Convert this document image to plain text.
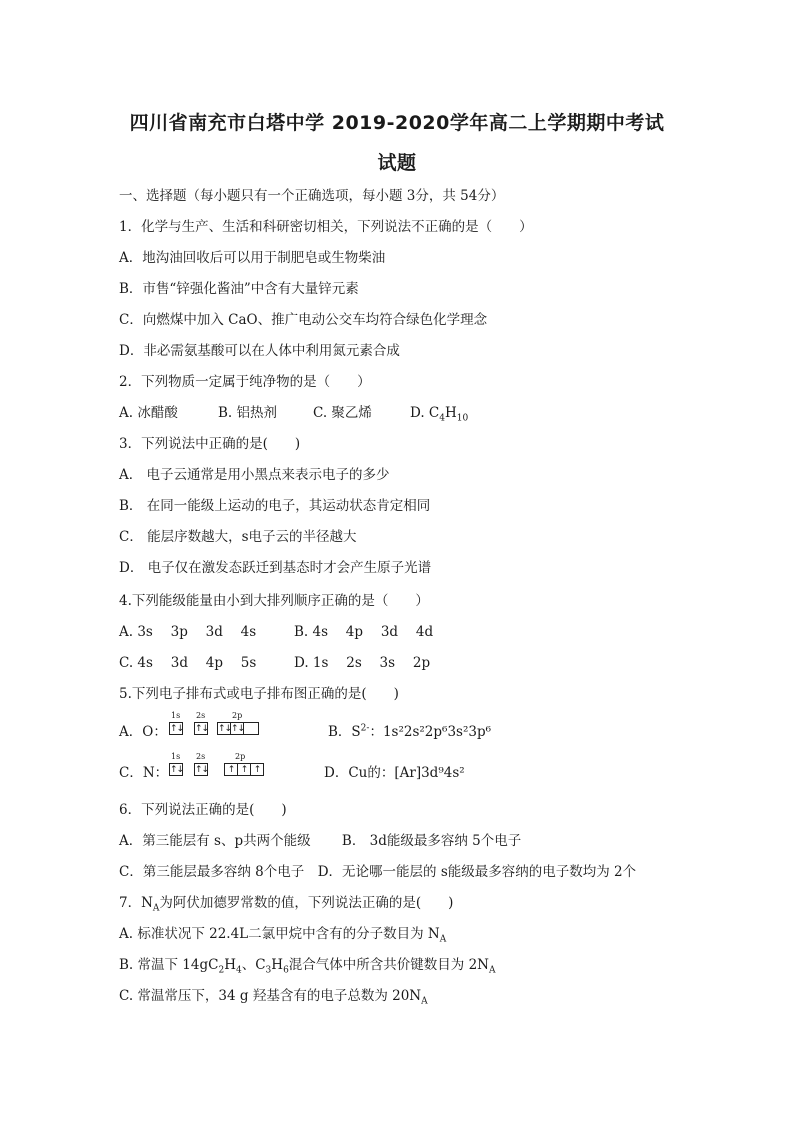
四川省南充市白塔中学 2019-2020学年高二上学期期中考试
试题
一、选择题（每小题只有一个正确选项，每小题 3分，共 54分）
1．化学与生产、生活和科研密切相关，下列说法不正确的是（　　）
A．地沟油回收后可以用于制肥皂或生物柴油
B．市售“锌强化酱油”中含有大量锌元素
C．向燃煤中加入 CaO、推广电动公交车均符合绿色化学理念
D．非必需氨基酸可以在人体中利用氮元素合成
2．下列物质一定属于纯净物的是（　　）
A. 冰醋酸	B. 铝热剂	C. 聚乙烯	D. $C_4H_{10}$
3．下列说法中正确的是(　　)
A． 电子云通常是用小黑点来表示电子的多少
B． 在同一能级上运动的电子，其运动状态肯定相同
C． 能层序数越大，s电子云的半径越大
D． 电子仅在激发态跃迁到基态时才会产生原子光谱
4.下列能级能量由小到大排列顺序正确的是（　　）
A. 3s　 3p　 3d　 4s	B. 4s　 4p　 3d　 4d
C. 4s　 3d　 4p　 5s	D. 1s　 2s　 3s　 2p
5.下列电子排布式或电子排布图正确的是(　　)
A．O：
1s 2s	2p
↑↓ ↑↓ ↑↓ ↑↓	B．$S^{2-}$：1s²2s²2p⁶3s²3p⁶
C．N：
1s 2s	2p
↑↓ ↑↓	↑ ↑ ↑	D．Cu的：[Ar]3d⁹4s²
6．下列说法正确的是(　　)
A．第三能层有 s、p共两个能级　　 B． 3d能级最多容纳 5个电子
C．第三能层最多容纳 8个电子　D．无论哪一能层的 s能级最多容纳的电子数均为 2个
7．$N_A$为阿伏加德罗常数的值，下列说法正确的是(　　)
A. 标准状况下 22.4L二氯甲烷中含有的分子数目为 $N_A$
B. 常温下 $14gC_2H_4$、$C_3H_6$混合气体中所含共价键数目为 $2N_A$
C. 常温常压下，34 g 羟基含有的电子总数为 $20N_A$
